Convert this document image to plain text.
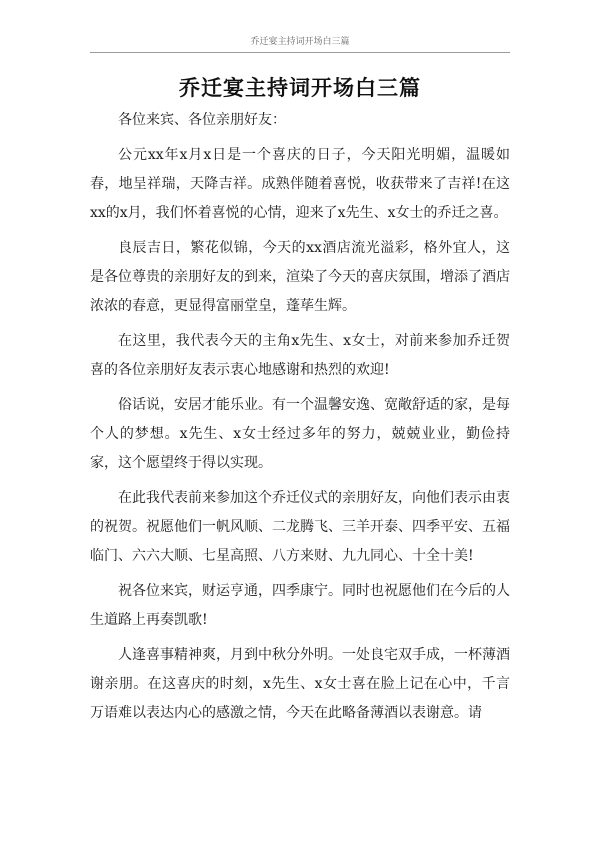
乔迁宴主持词开场白三篇
乔迁宴主持词开场白三篇

各位来宾、各位亲朋好友：

公元xx年x月x日是一个喜庆的日子，今天阳光明媚，温暖如春，地呈祥瑞，天降吉祥。成熟伴随着喜悦，收获带来了吉祥!在这xx的x月，我们怀着喜悦的心情，迎来了x先生、x女士的乔迁之喜。

良辰吉日，繁花似锦，今天的xx酒店流光溢彩，格外宜人，这是各位尊贵的亲朋好友的到来，渲染了今天的喜庆氛围，增添了酒店浓浓的春意，更显得富丽堂皇，蓬荜生辉。

在这里，我代表今天的主角x先生、x女士，对前来参加乔迁贺喜的各位亲朋好友表示衷心地感谢和热烈的欢迎!

俗话说，安居才能乐业。有一个温馨安逸、宽敞舒适的家，是每个人的梦想。x先生、x女士经过多年的努力，兢兢业业，勤俭持家，这个愿望终于得以实现。

在此我代表前来参加这个乔迁仪式的亲朋好友，向他们表示由衷的祝贺。祝愿他们一帆风顺、二龙腾飞、三羊开泰、四季平安、五福临门、六六大顺、七星高照、八方来财、九九同心、十全十美!

祝各位来宾，财运亨通，四季康宁。同时也祝愿他们在今后的人生道路上再奏凯歌!

人逢喜事精神爽，月到中秋分外明。一处良宅双手成，一杯薄酒谢亲朋。在这喜庆的时刻，x先生、x女士喜在脸上记在心中，千言万语难以表达内心的感激之情，今天在此略备薄酒以表谢意。请
